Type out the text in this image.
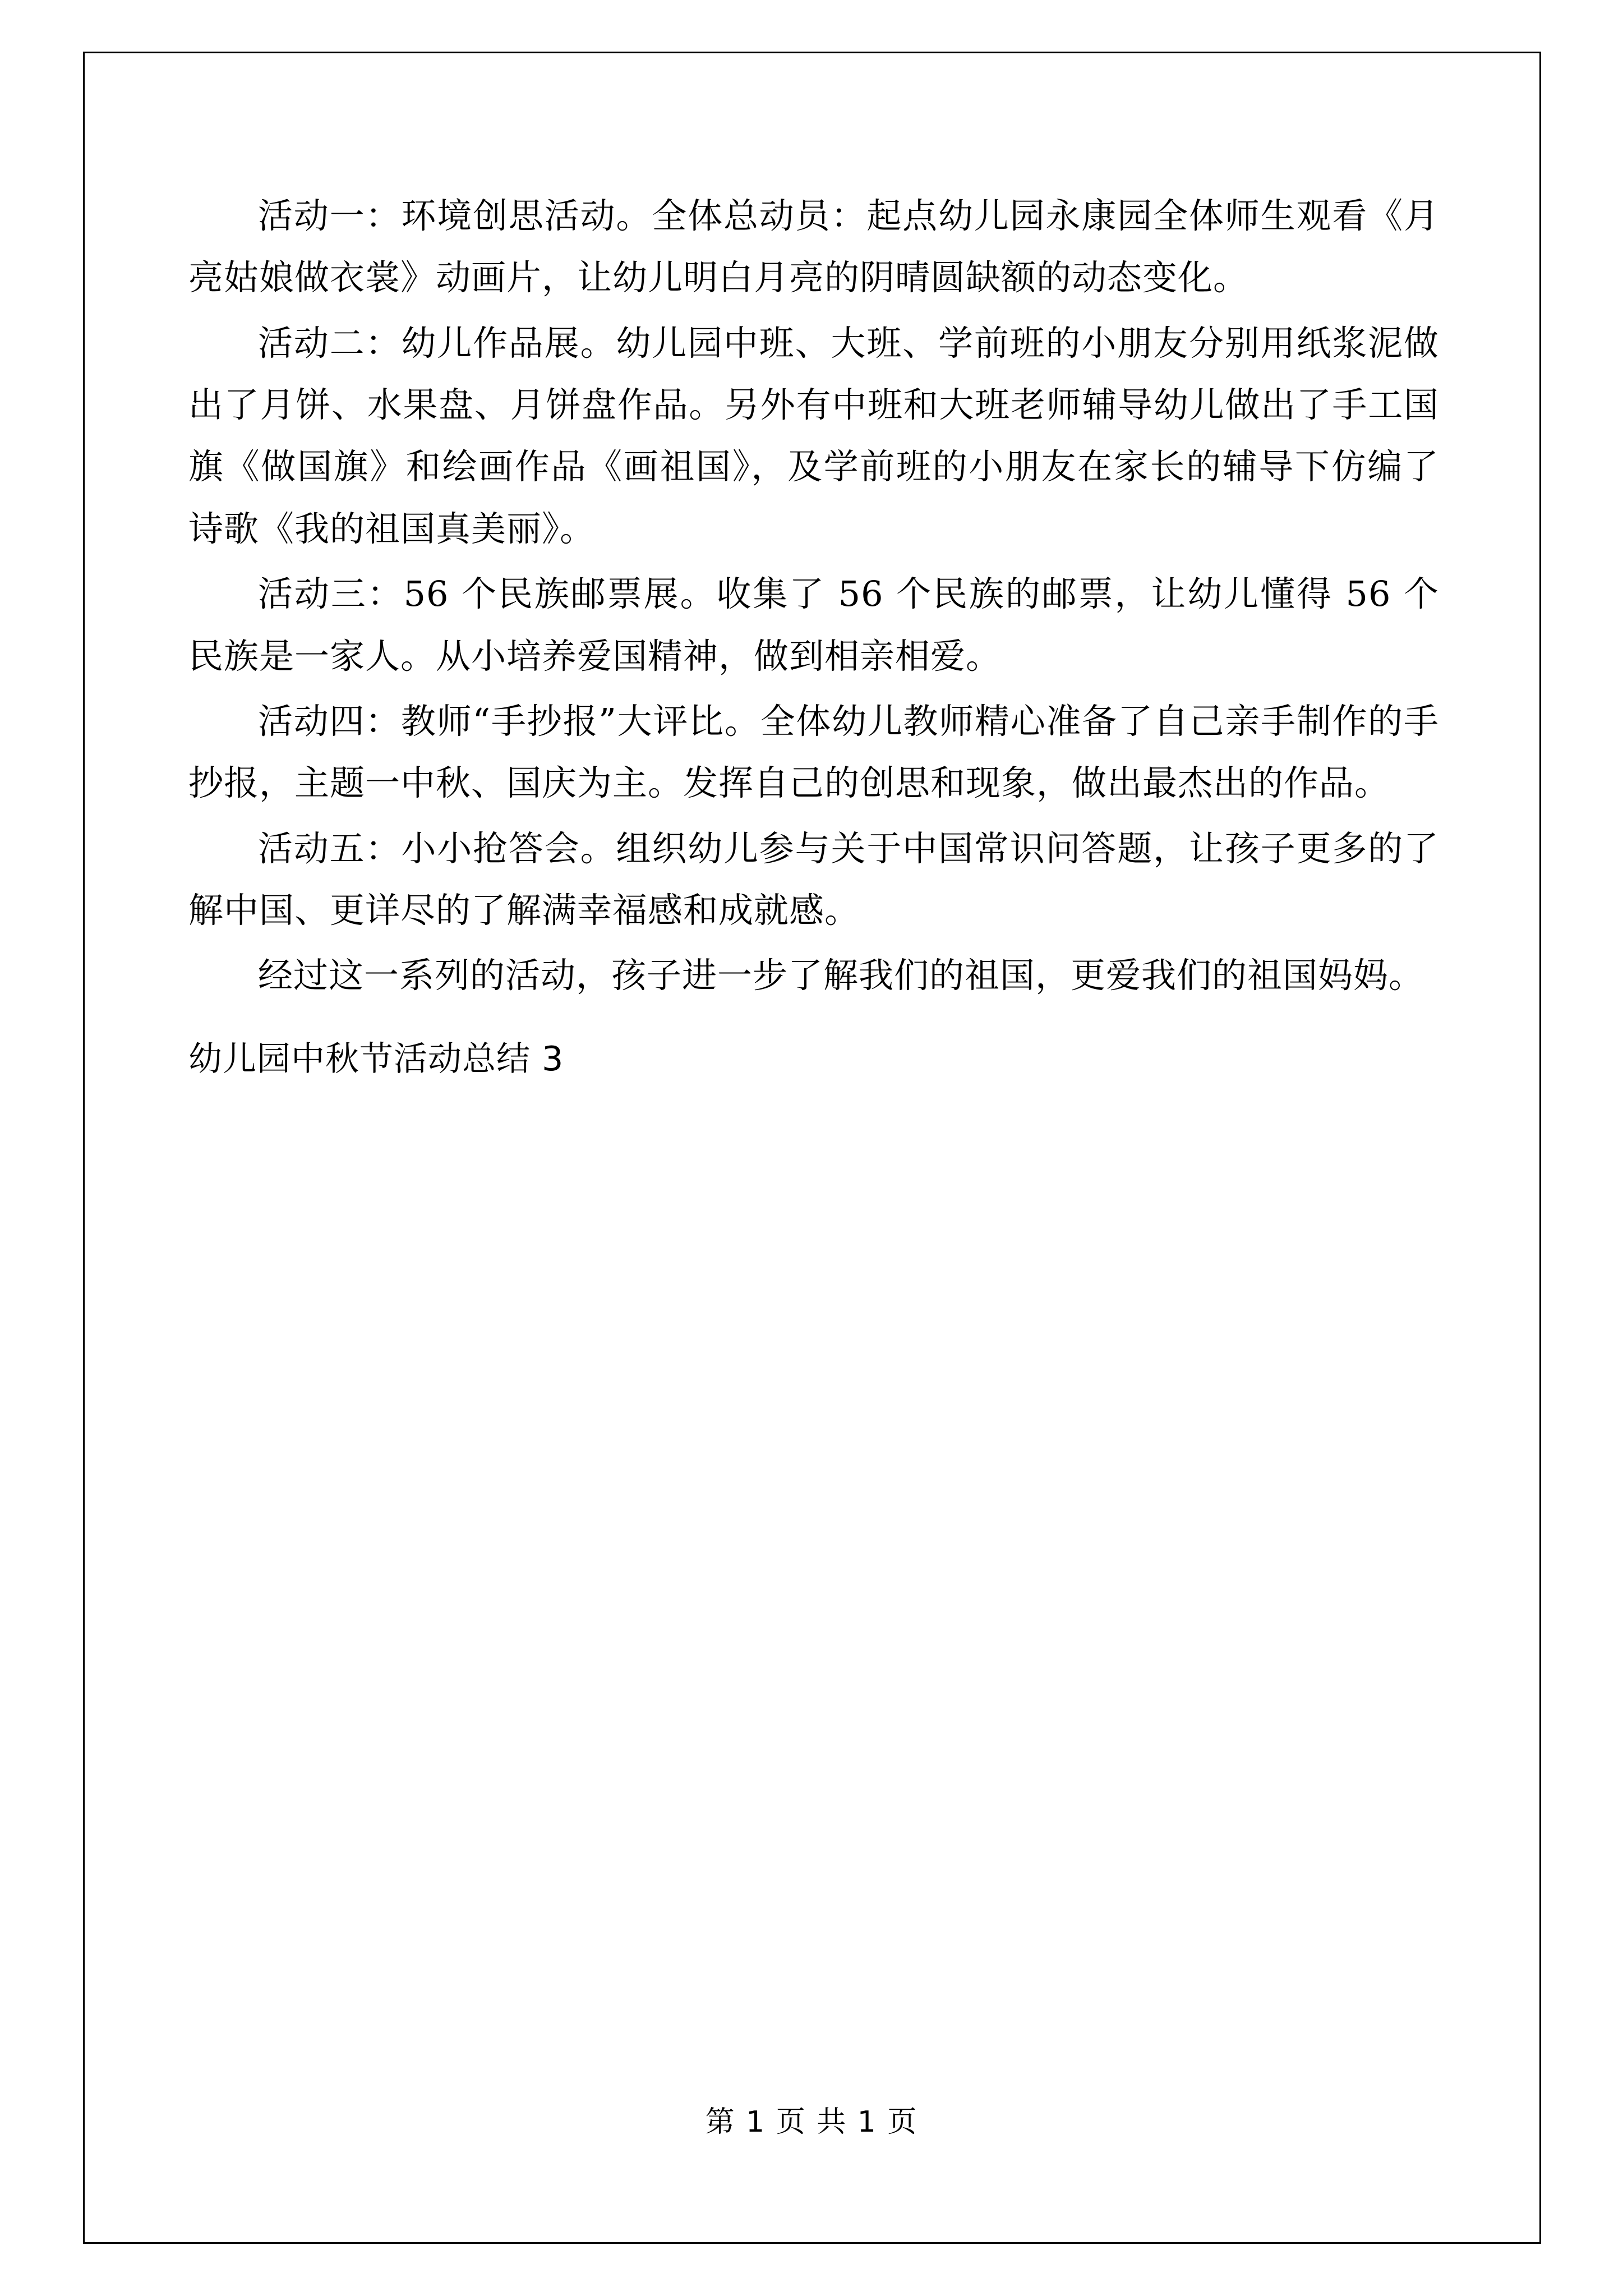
活动一：环境创思活动。全体总动员：起点幼儿园永康园全体师生观看《月亮姑娘做衣裳》动画片，让幼儿明白月亮的阴晴圆缺额的动态变化。

活动二：幼儿作品展。幼儿园中班、大班、学前班的小朋友分别用纸浆泥做出了月饼、水果盘、月饼盘作品。另外有中班和大班老师辅导幼儿做出了手工国旗《做国旗》和绘画作品《画祖国》，及学前班的小朋友在家长的辅导下仿编了诗歌《我的祖国真美丽》。

活动三：56 个民族邮票展。收集了 56 个民族的邮票，让幼儿懂得 56 个民族是一家人。从小培养爱国精神，做到相亲相爱。

活动四：教师“手抄报”大评比。全体幼儿教师精心准备了自己亲手制作的手抄报，主题一中秋、国庆为主。发挥自己的创思和现象，做出最杰出的作品。

活动五：小小抢答会。组织幼儿参与关于中国常识问答题，让孩子更多的了解中国、更详尽的了解满幸福感和成就感。

经过这一系列的活动，孩子进一步了解我们的祖国，更爱我们的祖国妈妈。

幼儿园中秋节活动总结 3

第 1 页 共 1 页
